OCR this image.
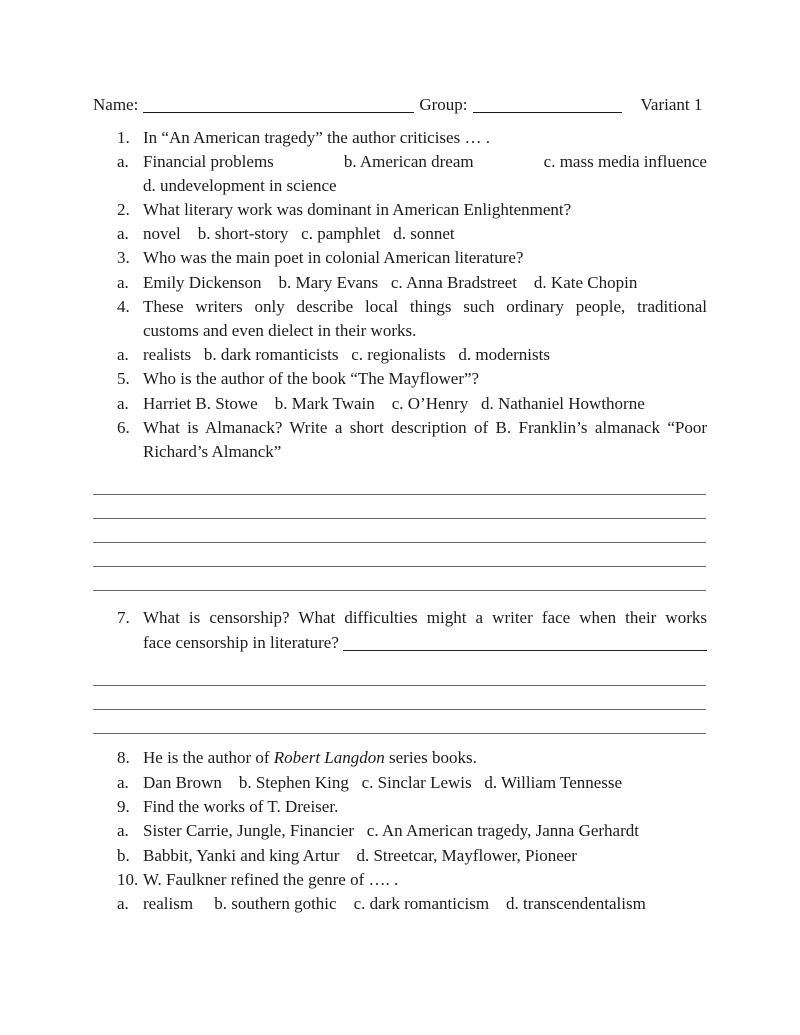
Name:	Group:	Variant 1
1. In “An American tragedy” the author criticises … .
a. Financial problems	b. American dream	c. mass media influence
d. undevelopment in science
2. What literary work was dominant in American Enlightenment?
a. novel    b. short-story   c. pamphlet   d. sonnet
3. Who was the main poet in colonial American literature?
a. Emily Dickenson    b. Mary Evans   c. Anna Bradstreet    d. Kate Chopin
4. These writers only describe local things such ordinary people, traditional
customs and even dielect in their works.
a. realists   b. dark romanticists   c. regionalists   d. modernists
5. Who is the author of the book “The Mayflower”?
a. Harriet B. Stowe    b. Mark Twain    c. O’Henry   d. Nathaniel Howthorne
6. What is Almanack? Write a short description of B. Franklin’s almanack “Poor
Richard’s Almanck”
7. What is censorship? What difficulties might a writer face when their works
face censorship in literature?
8. He is the author of Robert Langdon series books.
a. Dan Brown    b. Stephen King   c. Sinclar Lewis   d. William Tennesse
9. Find the works of T. Dreiser.
a. Sister Carrie, Jungle, Financier   c. An American tragedy, Janna Gerhardt
b. Babbit, Yanki and king Artur    d. Streetcar, Mayflower, Pioneer
10. W. Faulkner refined the genre of …. .
a. realism     b. southern gothic    c. dark romanticism    d. transcendentalism
